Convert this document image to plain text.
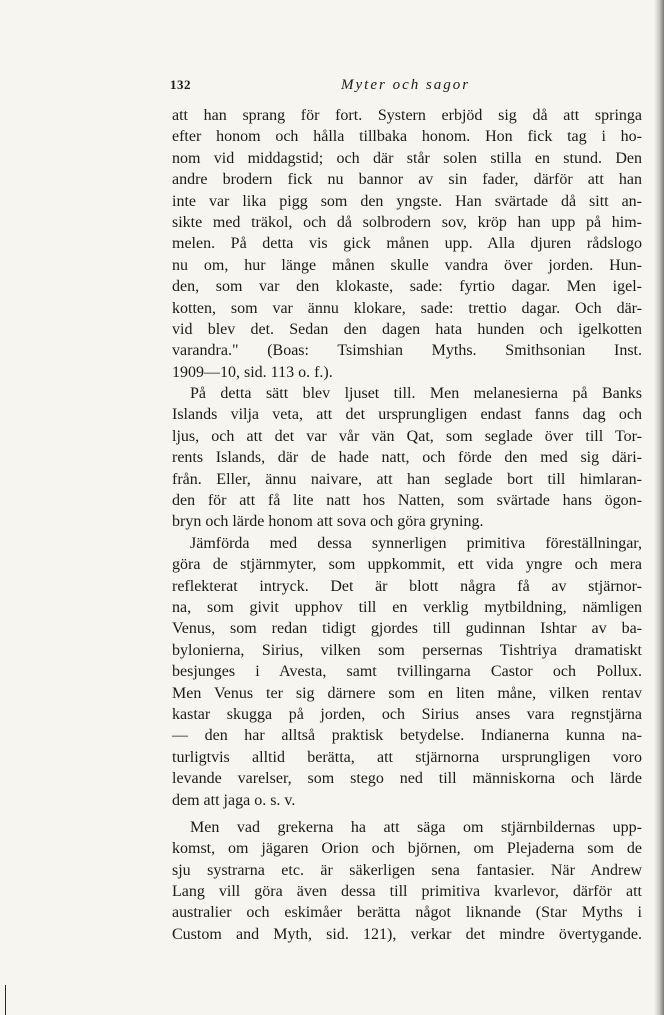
132	Myter och sagor
att han sprang för fort. Systern erbjöd sig då att springa
efter honom och hålla tillbaka honom. Hon fick tag i ho-
nom vid middagstid; och där står solen stilla en stund. Den
andre brodern fick nu bannor av sin fader, därför att han
inte var lika pigg som den yngste. Han svärtade då sitt an-
sikte med träkol, och då solbrodern sov, kröp han upp på him-
melen. På detta vis gick månen upp. Alla djuren rådslogo
nu om, hur länge månen skulle vandra över jorden. Hun-
den, som var den klokaste, sade: fyrtio dagar. Men igel-
kotten, som var ännu klokare, sade: trettio dagar. Och där-
vid blev det. Sedan den dagen hata hunden och igelkotten
varandra." (Boas: Tsimshian Myths. Smithsonian Inst.
1909—10, sid. 113 o. f.).
På detta sätt blev ljuset till. Men melanesierna på Banks
Islands vilja veta, att det ursprungligen endast fanns dag och
ljus, och att det var vår vän Qat, som seglade över till Tor-
rents Islands, där de hade natt, och förde den med sig däri-
från. Eller, ännu naivare, att han seglade bort till himlaran-
den för att få lite natt hos Natten, som svärtade hans ögon-
bryn och lärde honom att sova och göra gryning.
Jämförda med dessa synnerligen primitiva föreställningar,
göra de stjärnmyter, som uppkommit, ett vida yngre och mera
reflekterat intryck. Det är blott några få av stjärnor-
na, som givit upphov till en verklig mytbildning, nämligen
Venus, som redan tidigt gjordes till gudinnan Ishtar av ba-
bylonierna, Sirius, vilken som persernas Tishtriya dramatiskt
besjunges i Avesta, samt tvillingarna Castor och Pollux.
Men Venus ter sig därnere som en liten måne, vilken rentav
kastar skugga på jorden, och Sirius anses vara regnstjärna
— den har alltså praktisk betydelse. Indianerna kunna na-
turligtvis alltid berätta, att stjärnorna ursprungligen voro
levande varelser, som stego ned till människorna och lärde
dem att jaga o. s. v.
Men vad grekerna ha att säga om stjärnbildernas upp-
komst, om jägaren Orion och björnen, om Plejaderna som de
sju systrarna etc. är säkerligen sena fantasier. När Andrew
Lang vill göra även dessa till primitiva kvarlevor, därför att
australier och eskimåer berätta något liknande (Star Myths i
Custom and Myth, sid. 121), verkar det mindre övertygande.
